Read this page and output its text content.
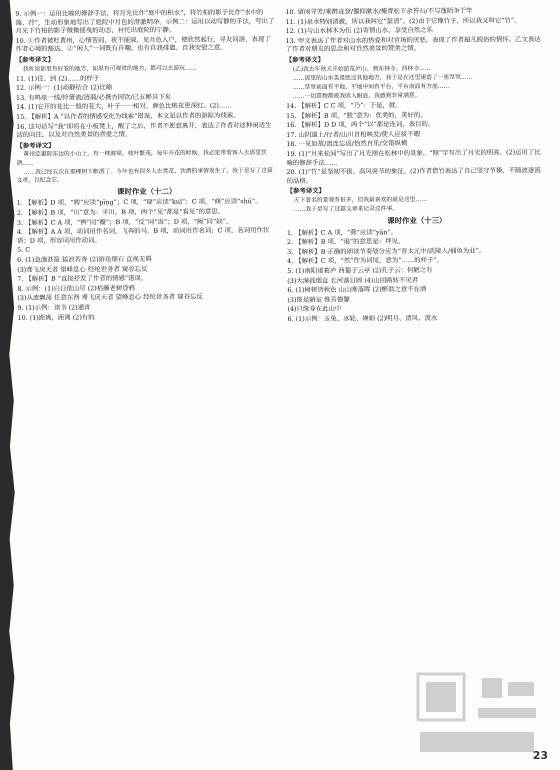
9. 示例一：运用比喻的修辞手法，将月光比作“庭中的积水”，将竹柏的影子比作“水中的藻、荇”，生动形象地写出了庭院中月色的澄澈明净。示例二：运用以动写静的手法，写出了月光下竹柏的影子微微摇曳的动态，衬托出庭院的宁静。

10. ①作者被贬黄州，心情苦闷，夜不能寐，见月色入户，便欣然起行，寻友同游，表现了作者心境的豁达。②“闲人”一词既有自嘲，也有自我排遣、自我安慰之意。

【参考译文】

我听说那里有好看的地方，如果有可观赏的地方，都可以去游玩……

11. (1)往、到 (2)……的样子

12. 示例一：(1)动静结合 (2)比喻

13. 有鸣泉一线/铃箫流/涟漪/必携杏园饮/已五醉其下矣

14. (1)它开的花比一般的花大，叶子一一相对，颜色比桃花更深红。(2)……

15. 【解析】A “以作者的情感变化为线索”错误，本文是以作者的游踪为线索。

16. 这句话写“我”即将在小板凳上，醒了之后，作者不愿意离开，表达了作者对这种闲适生活的向往，以及对自然美景的喜爱之情。

【参考译文】

黄州定惠院东边的小山上，有一株海棠，枝叶繁茂，每年开花的时候，我必定带着客人去那里饮酒……

……我已经五次在那棵树下醉酒了。今年也有很多人去赏花，饮酒的事情发生了，我于是写了这篇文章，以纪念它。

课时作业（十二）

1. 【解析】D 项，“娉”应读“pīng”；C 项，“窥”应读“kuī”；C 项，“倏”应读“shū”。

2. 【解析】B 项，“川”意为：平川。B 项，两个“见”都是“看见”的意思。

3. 【解析】C A 项，“辨”同“瓣”；B 项，“反”同“返”；D 项，“阙”同“缺”。

4. 【解析】A A 项，动词用作名词，飞奔的马。B 项，动词用作名词；C 项，名词用作状语；D 项，形容词用作动词。

5. C

6. (1)急湍甚箭 猛浪若奔 (2)游鱼细石 直视无碍

(3)鸢飞戾天者 望峰息心 经纶世务者 窥谷忘反

7. 【解析】B “直接抒发了作者的情感”错误。

8. 示例：(1)白日依山尽 (2)枯藤老树昏鸦

(3)从流飘荡 任意东西 鸢飞戾天者 望峰息心 经纶世务者 窥谷忘反

9. (1)示例：读书 (2)通宵

10. (1)距离，距离 (2)有的

10. 留闲寻芳/乘醉直登/偃仰漱水/掩青松下余苔石/不与蓬陌争于竿

11. (1)泉水特别清澈，所以我叫它“鉴清”。(2)由于它像竹子，所以我又叫它“竹”。

12. (1)与山水林木为伍 (2)寄情山水，享受自然之乐

13. 甲文表达了作者对山水的热爱和对官场的厌恶，表现了作者超凡脱俗的情怀。乙文表达了作者对朋友的思念和对自然美景的赞美之情。

【参考译文】

(乙)我去年秋天开始游览庐山，到东林寺、西林寺……

……那里的山水美景胜过其他地方，我于是在这里建造了一座草堂……

……草堂前面有平地，平地中间有平台，平台南面有方池……

……一切景物都被我收入眼底，我感到非常满意。

14. 【解析】C C 项，“乃”：于是，就。

15. 【解析】B 项，“胜”意为：优美的，美好的。

16. 【解析】D D 项，两个“以”都是连词，表目的。

17. 山阴道上/行者/山川自相映发/使人应接不暇

18. 一见如故/流连忘返/怡然自乐/交错纵横

19. (1)“月来松间”写出了月光照在松林中的景象，“照”字写出了月光的明亮。(2)运用了比喻的修辞手法……

20. (1)“竹”是坚韧不拔、高风亮节的象征。(2)作者借竹表达了自己坚守节操、不随波逐流的品格。

【参考译文】

天下著名的景观有很多，但我最喜欢的就是这里……

……我于是写了这篇文章来记录这件事。

课时作业（十三）

1. 【解析】C A 项，“燕”应读“yān”。

2. 【解析】B 项，“谒”的意思是：拜见。

3. 【解析】B 正确的朗读节奏划分应为“晋太元中/武陵人/捕鱼为业”。

4. 【解析】C 项，“然”作为词尾，意为“……的样子”。

5. (1)南阳诸葛庐 西蜀子云亭 (2)孔子云：何陋之有

(3)大漠孤烟直 长河落日圆 (4)山回路转不见君

6. (1)树树皆秋色 山山唯落晖 (2)醉翁之意不在酒

(3)斯是陋室 惟吾德馨

(4)只缘身在此山中

6. (1)示例：玉兔、冰轮、婵娟 (2)明月、清风、流水

23
